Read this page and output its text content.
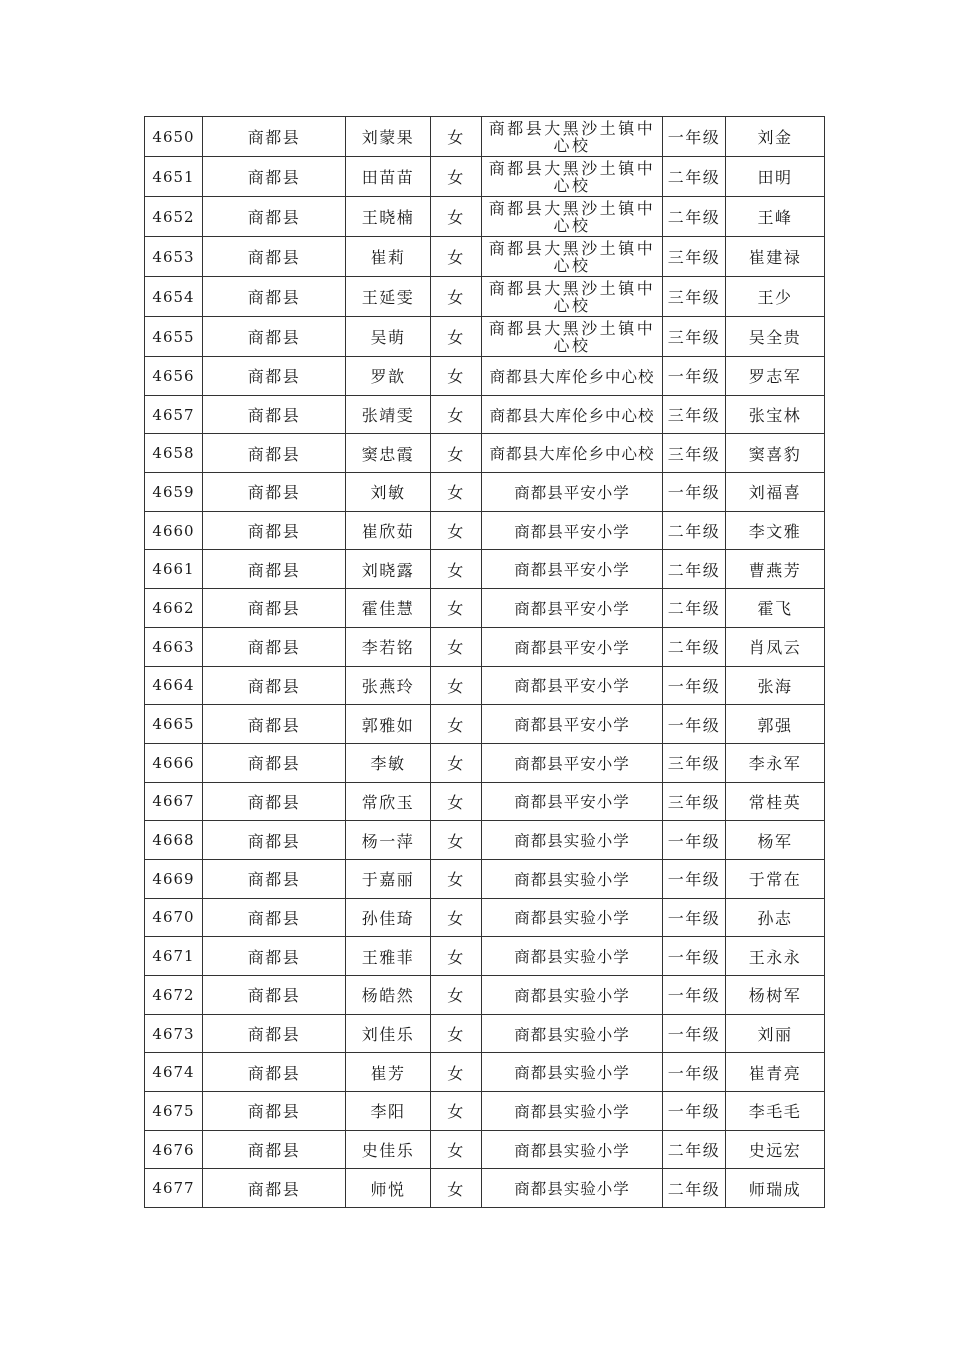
4650	商都县	刘蒙果	女	商都县大黑沙土镇中心校	一年级	刘金
4651	商都县	田苗苗	女	商都县大黑沙土镇中心校	二年级	田明
4652	商都县	王晓楠	女	商都县大黑沙土镇中心校	二年级	王峰
4653	商都县	崔莉	女	商都县大黑沙土镇中心校	三年级	崔建禄
4654	商都县	王延雯	女	商都县大黑沙土镇中心校	三年级	王少
4655	商都县	吴萌	女	商都县大黑沙土镇中心校	三年级	吴全贵
4656	商都县	罗歆	女	商都县大库伦乡中心校	一年级	罗志军
4657	商都县	张靖雯	女	商都县大库伦乡中心校	三年级	张宝林
4658	商都县	窦忠霞	女	商都县大库伦乡中心校	三年级	窦喜豹
4659	商都县	刘敏	女	商都县平安小学	一年级	刘福喜
4660	商都县	崔欣茹	女	商都县平安小学	二年级	李文雅
4661	商都县	刘晓露	女	商都县平安小学	二年级	曹燕芳
4662	商都县	霍佳慧	女	商都县平安小学	二年级	霍飞
4663	商都县	李若铭	女	商都县平安小学	二年级	肖凤云
4664	商都县	张燕玲	女	商都县平安小学	一年级	张海
4665	商都县	郭雅如	女	商都县平安小学	一年级	郭强
4666	商都县	李敏	女	商都县平安小学	三年级	李永军
4667	商都县	常欣玉	女	商都县平安小学	三年级	常桂英
4668	商都县	杨一萍	女	商都县实验小学	一年级	杨军
4669	商都县	于嘉丽	女	商都县实验小学	一年级	于常在
4670	商都县	孙佳琦	女	商都县实验小学	一年级	孙志
4671	商都县	王雅菲	女	商都县实验小学	一年级	王永永
4672	商都县	杨皓然	女	商都县实验小学	一年级	杨树军
4673	商都县	刘佳乐	女	商都县实验小学	一年级	刘丽
4674	商都县	崔芳	女	商都县实验小学	一年级	崔青亮
4675	商都县	李阳	女	商都县实验小学	一年级	李毛毛
4676	商都县	史佳乐	女	商都县实验小学	二年级	史远宏
4677	商都县	师悦	女	商都县实验小学	二年级	师瑞成
